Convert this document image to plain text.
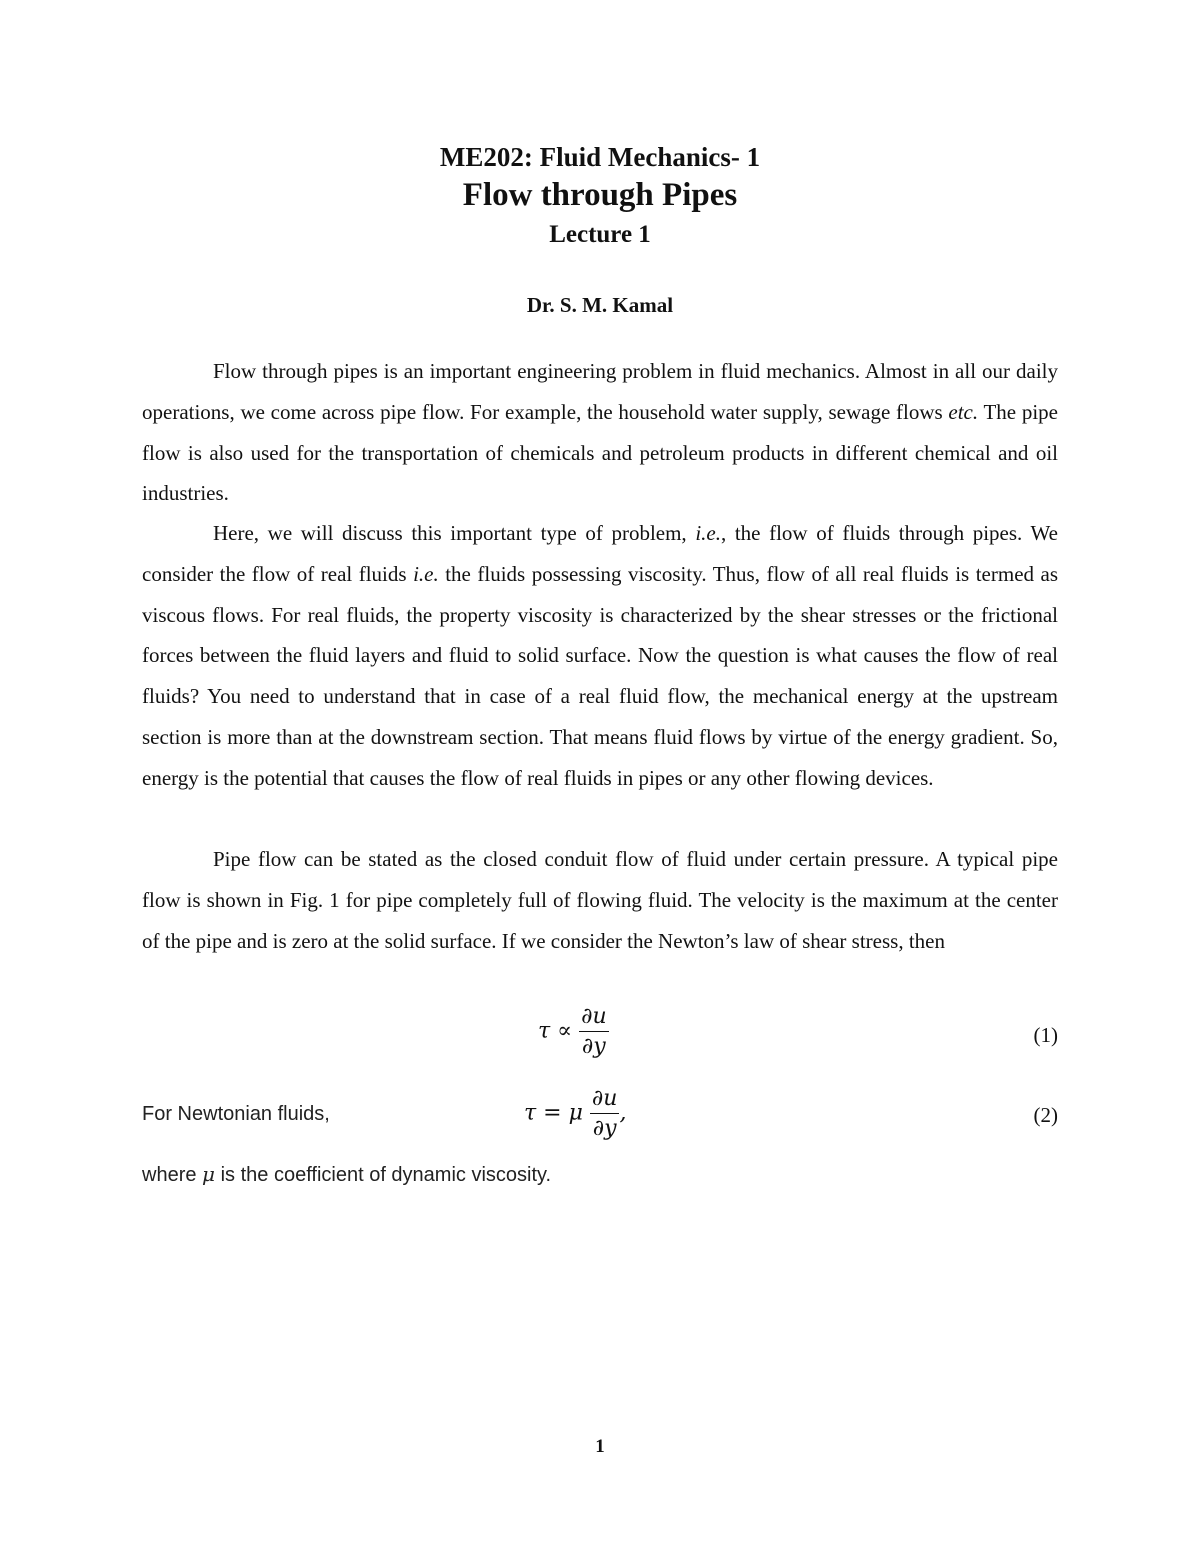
ME202: Fluid Mechanics- 1
Flow through Pipes
Lecture 1
Dr. S. M. Kamal

Flow through pipes is an important engineering problem in fluid mechanics. Almost in all our daily operations, we come across pipe flow. For example, the household water supply, sewage flows etc. The pipe flow is also used for the transportation of chemicals and petroleum products in different chemical and oil industries.

Here, we will discuss this important type of problem, i.e., the flow of fluids through pipes. We consider the flow of real fluids i.e. the fluids possessing viscosity. Thus, flow of all real fluids is termed as viscous flows. For real fluids, the property viscosity is characterized by the shear stresses or the frictional forces between the fluid layers and fluid to solid surface. Now the question is what causes the flow of real fluids? You need to understand that in case of a real fluid flow, the mechanical energy at the upstream section is more than at the downstream section. That means fluid flows by virtue of the energy gradient. So, energy is the potential that causes the flow of real fluids in pipes or any other flowing devices.

Pipe flow can be stated as the closed conduit flow of fluid under certain pressure. A typical pipe flow is shown in Fig. 1 for pipe completely full of flowing fluid. The velocity is the maximum at the center of the pipe and is zero at the solid surface. If we consider the Newton’s law of shear stress, then

$\tau \propto \frac{\partial u}{\partial y}$	(1)
For Newtonian fluids,	τ = μ $\frac{\partial u}{\partial y}$ ,	(2)
where μ is the coefficient of dynamic viscosity.
1
